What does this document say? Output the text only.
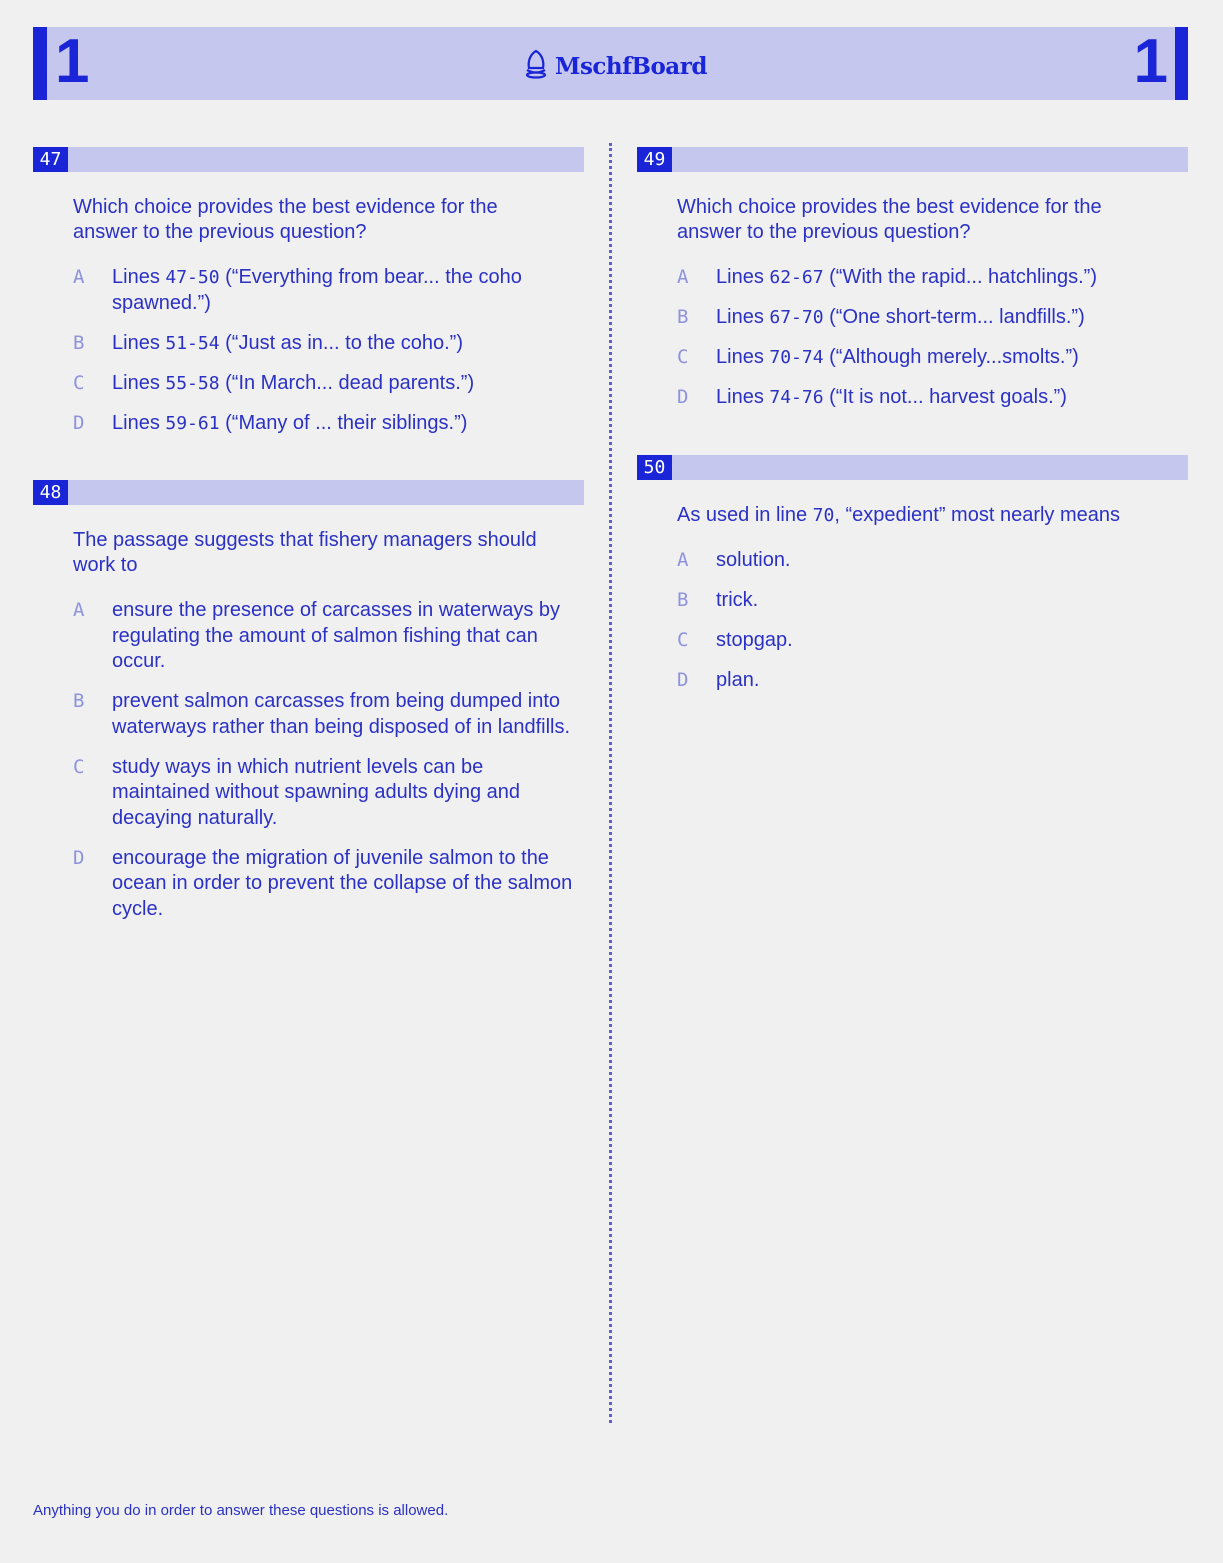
1	MschfBoard	1
47

Which choice provides the best evidence for the answer to the previous question?

A	Lines 47-50 (“Everything from bear... the coho spawned.”)
B	Lines 51-54 (“Just as in... to the coho.”)
C	Lines 55-58 (“In March... dead parents.”)
D	Lines 59-61 (“Many of ... their siblings.”)
48

The passage suggests that fishery managers should work to

A	ensure the presence of carcasses in waterways by regulating the amount of salmon fishing that can occur.
B	prevent salmon carcasses from being dumped into waterways rather than being disposed of in landfills.
C	study ways in which nutrient levels can be maintained without spawning adults dying and decaying naturally.
D	encourage the migration of juvenile salmon to the ocean in order to prevent the collapse of the salmon cycle.
49

Which choice provides the best evidence for the answer to the previous question?

A	Lines 62-67 (“With the rapid... hatchlings.”)
B	Lines 67-70 (“One short-term... landfills.”)
C	Lines 70-74 (“Although merely...smolts.”)
D	Lines 74-76 (“It is not... harvest goals.”)
50

As used in line 70, “expedient” most nearly means

A	solution.
B	trick.
C	stopgap.
D	plan.
Anything you do in order to answer these questions is allowed.
